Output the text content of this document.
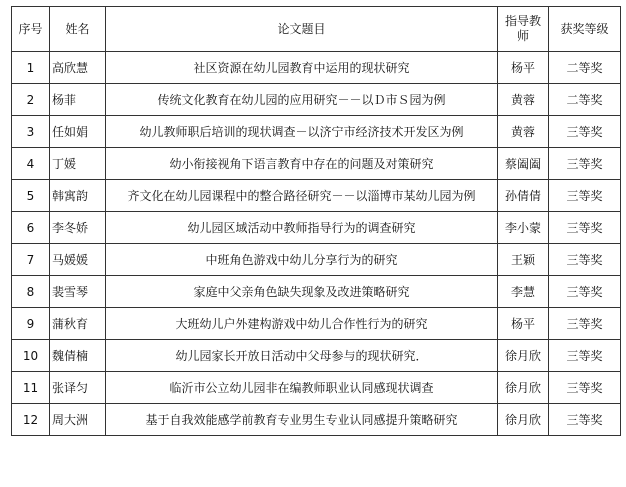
序号	姓名	论文题目	指导教师	获奖等级
1	高欣慧	社区资源在幼儿园教育中运用的现状研究	杨平	二等奖
2	杨菲	传统文化教育在幼儿园的应用研究－－以Ｄ市Ｓ园为例	黄蓉	二等奖
3	任如娟	幼儿教师职后培训的现状调查－以济宁市经济技术开发区为例	黄蓉	三等奖
4	丁媛	幼小衔接视角下语言教育中存在的问题及对策研究	蔡阖阖	三等奖
5	韩寓韵	齐文化在幼儿园课程中的整合路径研究－－以淄博市某幼儿园为例	孙倩倩	三等奖
6	李冬娇	幼儿园区域活动中教师指导行为的调查研究	李小蒙	三等奖
7	马媛媛	中班角色游戏中幼儿分享行为的研究	王颖	三等奖
8	裴雪琴	家庭中父亲角色缺失现象及改进策略研究	李慧	三等奖
9	蒲秋育	大班幼儿户外建构游戏中幼儿合作性行为的研究	杨平	三等奖
10	魏倩楠	幼儿园家长开放日活动中父母参与的现状研究．	徐月欣	三等奖
11	张译匀	临沂市公立幼儿园非在编教师职业认同感现状调查	徐月欣	三等奖
12	周大洲	基于自我效能感学前教育专业男生专业认同感提升策略研究	徐月欣	三等奖
